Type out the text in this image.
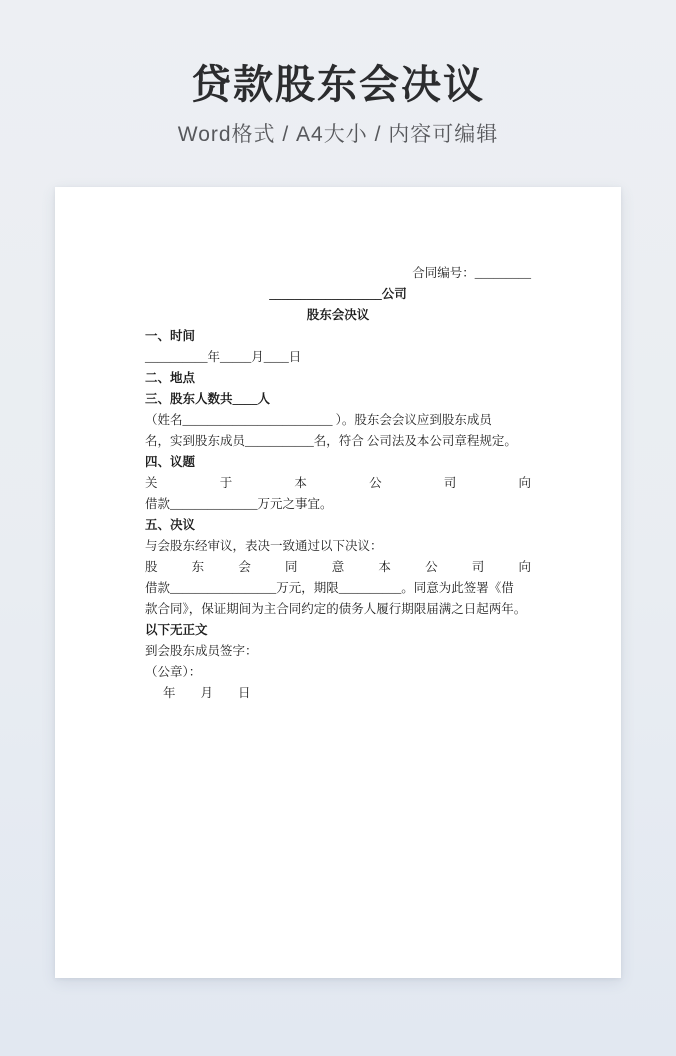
贷款股东会决议
Word格式 / A4大小 / 内容可编辑
合同编号：_________
__________________公司
股东会决议
一、时间
__________年_____月____日
二、地点
三、股东人数共____人
（姓名________________________ ）。股东会会议应到股东成员
名，实到股东成员___________名，符合 公司法及本公司章程规定。
四、议题
关 于 本 公 司 向
借款______________万元之事宜。
五、决议
与会股东经审议，表决一致通过以下决议：
股 东 会 同 意 本 公 司 向
借款_________________万元，期限__________。同意为此签署《借
款合同》，保证期间为主合同约定的债务人履行期限届满之日起两年。
以下无正文
到会股东成员签字：
（公章）：
年　　月　　日
